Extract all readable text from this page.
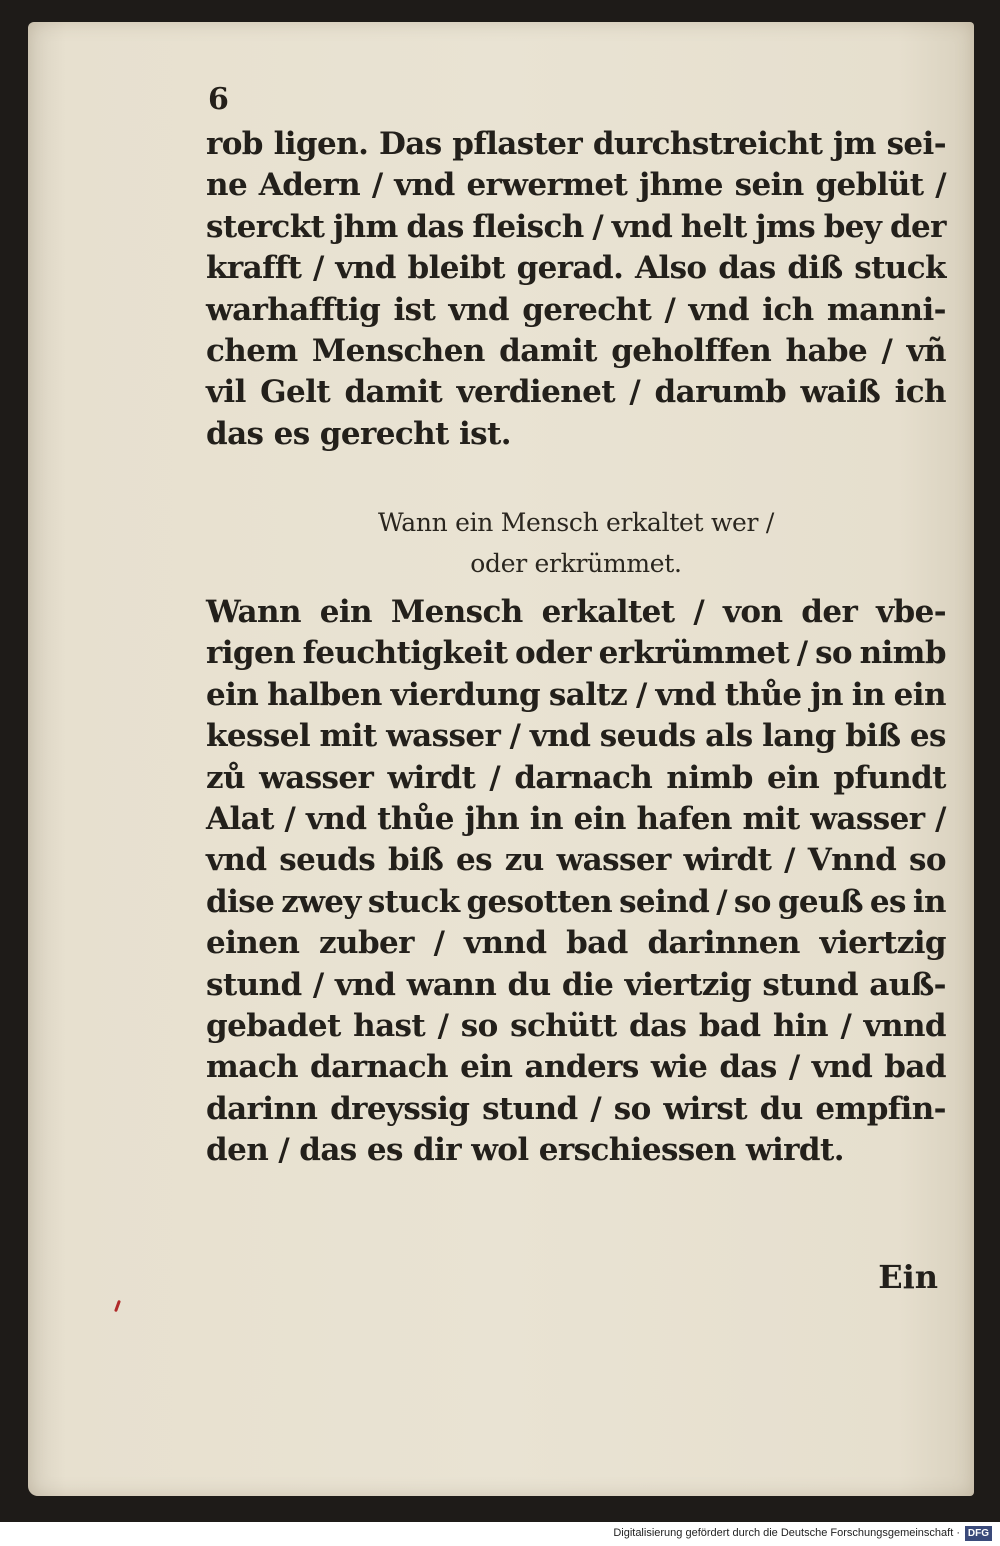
6
rob ligen. Das pflaster durchstreicht jm sei-
ne Adern / vnd erwermet jhme sein geblüt /
sterckt jhm das fleisch / vnd helt jms bey der
krafft / vnd bleibt gerad. Also das diß stuck
warhafftig ist vnd gerecht / vnd ich manni-
chem Menschen damit geholffen habe / vñ
vil Gelt damit verdienet / darumb waiß ich
das es gerecht ist.
Wann ein Mensch erkaltet wer /
oder erkrümmet.
Wann ein Mensch erkaltet / von der vbe-
rigen feuchtigkeit oder erkrümmet / so nimb
ein halben vierdung saltz / vnd thůe jn in ein
kessel mit wasser / vnd seuds als lang biß es
zů wasser wirdt / darnach nimb ein pfundt
Alat / vnd thůe jhn in ein hafen mit wasser /
vnd seuds biß es zu wasser wirdt / Vnnd so
dise zwey stuck gesotten seind / so geuß es in
einen zuber / vnnd bad darinnen viertzig
stund / vnd wann du die viertzig stund auß-
gebadet hast / so schütt das bad hin / vnnd
mach darnach ein anders wie das / vnd bad
darinn dreyssig stund / so wirst du empfin-
den / das es dir wol erschiessen wirdt.
Ein
Digitalisierung gefördert durch die Deutsche Forschungsgemeinschaft · DFG
